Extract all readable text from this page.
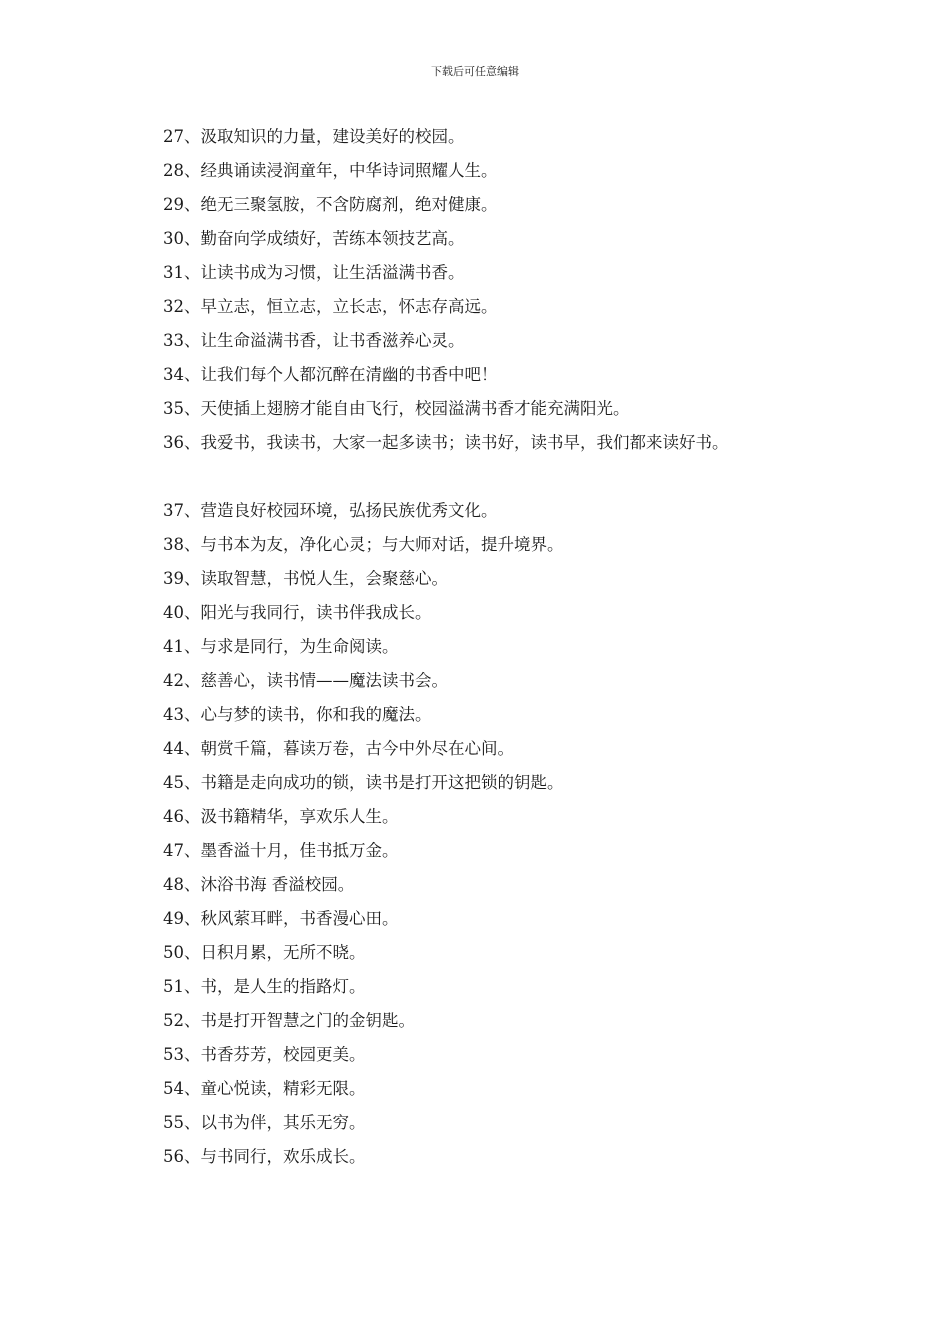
下载后可任意编辑
27、汲取知识的力量，建设美好的校园。
28、经典诵读浸润童年，中华诗词照耀人生。
29、绝无三聚氢胺，不含防腐剂，绝对健康。
30、勤奋向学成绩好，苦练本领技艺高。
31、让读书成为习惯，让生活溢满书香。
32、早立志，恒立志，立长志，怀志存高远。
33、让生命溢满书香，让书香滋养心灵。
34、让我们每个人都沉醉在清幽的书香中吧！
35、天使插上翅膀才能自由飞行，校园溢满书香才能充满阳光。
36、我爱书，我读书，大家一起多读书；读书好，读书早，我们都来读好书。
37、营造良好校园环境，弘扬民族优秀文化。
38、与书本为友，净化心灵；与大师对话，提升境界。
39、读取智慧，书悦人生，会聚慈心。
40、阳光与我同行，读书伴我成长。
41、与求是同行，为生命阅读。
42、慈善心，读书情——魔法读书会。
43、心与梦的读书，你和我的魔法。
44、朝赏千篇，暮读万卷，古今中外尽在心间。
45、书籍是走向成功的锁，读书是打开这把锁的钥匙。
46、汲书籍精华，享欢乐人生。
47、墨香溢十月，佳书抵万金。
48、沐浴书海 香溢校园。
49、秋风萦耳畔，书香漫心田。
50、日积月累，无所不晓。
51、书，是人生的指路灯。
52、书是打开智慧之门的金钥匙。
53、书香芬芳，校园更美。
54、童心悦读，精彩无限。
55、以书为伴，其乐无穷。
56、与书同行，欢乐成长。
